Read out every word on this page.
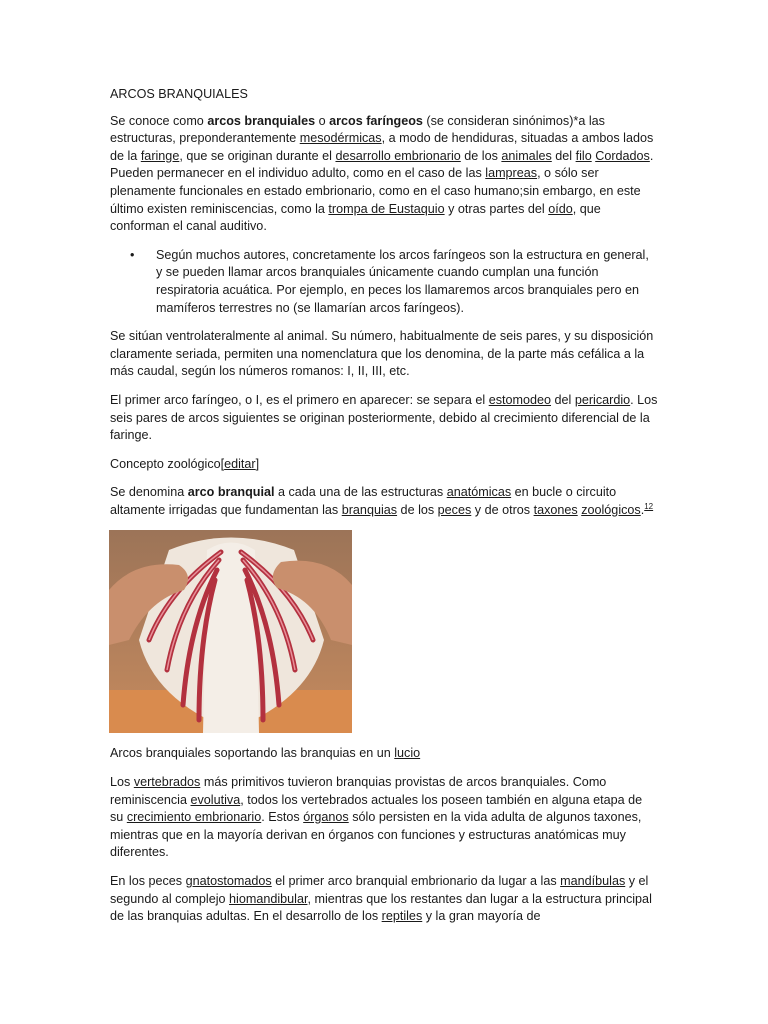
ARCOS BRANQUIALES

Se conoce como arcos branquiales o arcos faríngeos (se consideran sinónimos)*a las estructuras, preponderantemente mesodérmicas, a modo de hendiduras, situadas a ambos lados de la faringe, que se originan durante el desarrollo embrionario de los animales del filo Cordados. Pueden permanecer en el individuo adulto, como en el caso de las lampreas, o sólo ser plenamente funcionales en estado embrionario, como en el caso humano;sin embargo, en este último existen reminiscencias, como la trompa de Eustaquio y otras partes del oído, que conforman el canal auditivo.

• Según muchos autores, concretamente los arcos faríngeos son la estructura en general, y se pueden llamar arcos branquiales únicamente cuando cumplan una función respiratoria acuática. Por ejemplo, en peces los llamaremos arcos branquiales pero en mamíferos terrestres no (se llamarían arcos faríngeos).

Se sitúan ventrolateralmente al animal. Su número, habitualmente de seis pares, y su disposición claramente seriada, permiten una nomenclatura que los denomina, de la parte más cefálica a la más caudal, según los números romanos: I, II, III, etc.

El primer arco faríngeo, o I, es el primero en aparecer: se separa el estomodeo del pericardio. Los seis pares de arcos siguientes se originan posteriormente, debido al crecimiento diferencial de la faringe.

Concepto zoológico[editar]

Se denomina arco branquial a cada una de las estructuras anatómicas en bucle o circuito altamente irrigadas que fundamentan las branquias de los peces y de otros taxones zoológicos.$^{12}$

Arcos branquiales soportando las branquias en un lucio

Los vertebrados más primitivos tuvieron branquias provistas de arcos branquiales. Como reminiscencia evolutiva, todos los vertebrados actuales los poseen también en alguna etapa de su crecimiento embrionario. Estos órganos sólo persisten en la vida adulta de algunos taxones, mientras que en la mayoría derivan en órganos con funciones y estructuras anatómicas muy diferentes.

En los peces gnatostomados el primer arco branquial embrionario da lugar a las mandíbulas y el segundo al complejo hiomandibular, mientras que los restantes dan lugar a la estructura principal de las branquias adultas. En el desarrollo de los reptiles y la gran mayoría de
